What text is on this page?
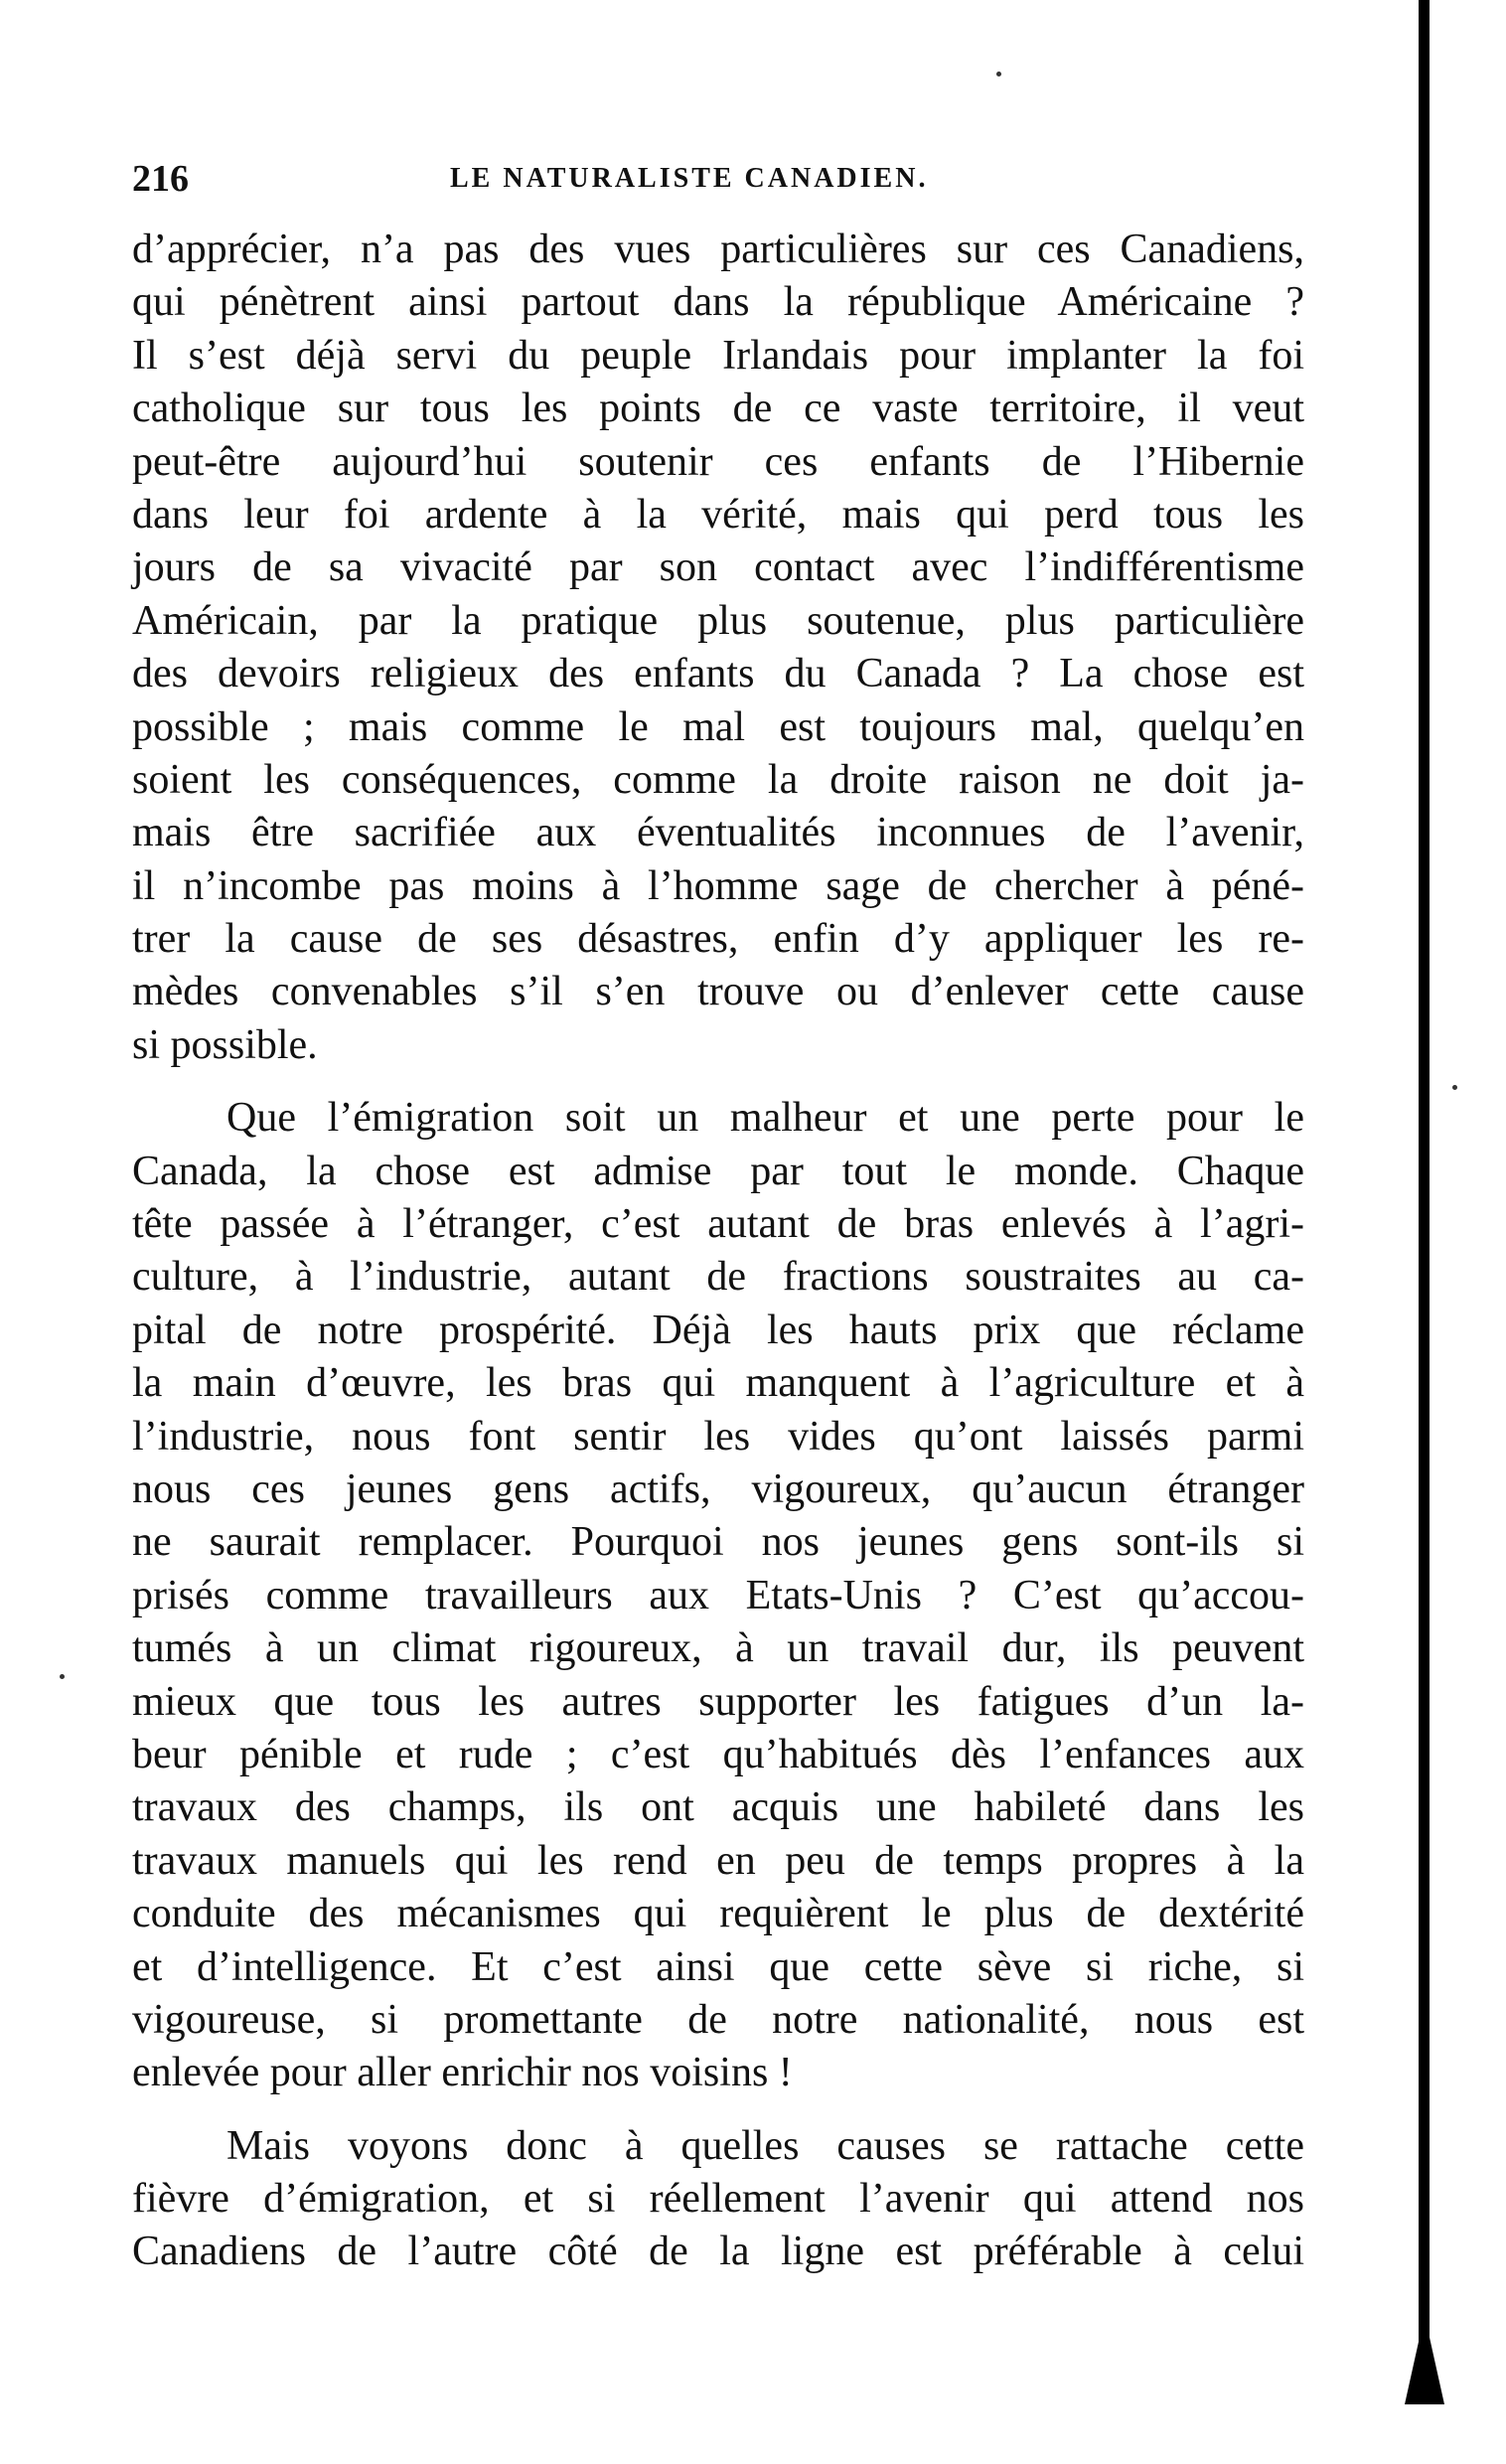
216	LE NATURALISTE CANADIEN.
d’apprécier, n’a pas des vues particulières sur ces Canadiens,
qui pénètrent ainsi partout dans la république Américaine ?
Il s’est déjà servi du peuple Irlandais pour implanter la foi
catholique sur tous les points de ce vaste territoire, il veut
peut-être aujourd’hui soutenir ces enfants de l’Hibernie
dans leur foi ardente à la vérité, mais qui perd tous les
jours de sa vivacité par son contact avec l’indifférentisme
Américain, par la pratique plus soutenue, plus particulière
des devoirs religieux des enfants du Canada ? La chose est
possible ; mais comme le mal est toujours mal, quelqu’en
soient les conséquences, comme la droite raison ne doit ja-
mais être sacrifiée aux éventualités inconnues de l’avenir,
il n’incombe pas moins à l’homme sage de chercher à péné-
trer la cause de ses désastres, enfin d’y appliquer les re-
mèdes convenables s’il s’en trouve ou d’enlever cette cause
si possible.
Que l’émigration soit un malheur et une perte pour le
Canada, la chose est admise par tout le monde. Chaque
tête passée à l’étranger, c’est autant de bras enlevés à l’agri-
culture, à l’industrie, autant de fractions soustraites au ca-
pital de notre prospérité. Déjà les hauts prix que réclame
la main d’œuvre, les bras qui manquent à l’agriculture et à
l’industrie, nous font sentir les vides qu’ont laissés parmi
nous ces jeunes gens actifs, vigoureux, qu’aucun étranger
ne saurait remplacer. Pourquoi nos jeunes gens sont-ils si
prisés comme travailleurs aux Etats-Unis ? C’est qu’accou-
tumés à un climat rigoureux, à un travail dur, ils peuvent
mieux que tous les autres supporter les fatigues d’un la-
beur pénible et rude ; c’est qu’habitués dès l’enfances aux
travaux des champs, ils ont acquis une habileté dans les
travaux manuels qui les rend en peu de temps propres à la
conduite des mécanismes qui requièrent le plus de dextérité
et d’intelligence. Et c’est ainsi que cette sève si riche, si
vigoureuse, si promettante de notre nationalité, nous est
enlevée pour aller enrichir nos voisins !
Mais voyons donc à quelles causes se rattache cette
fièvre d’émigration, et si réellement l’avenir qui attend nos
Canadiens de l’autre côté de la ligne est préférable à celui
